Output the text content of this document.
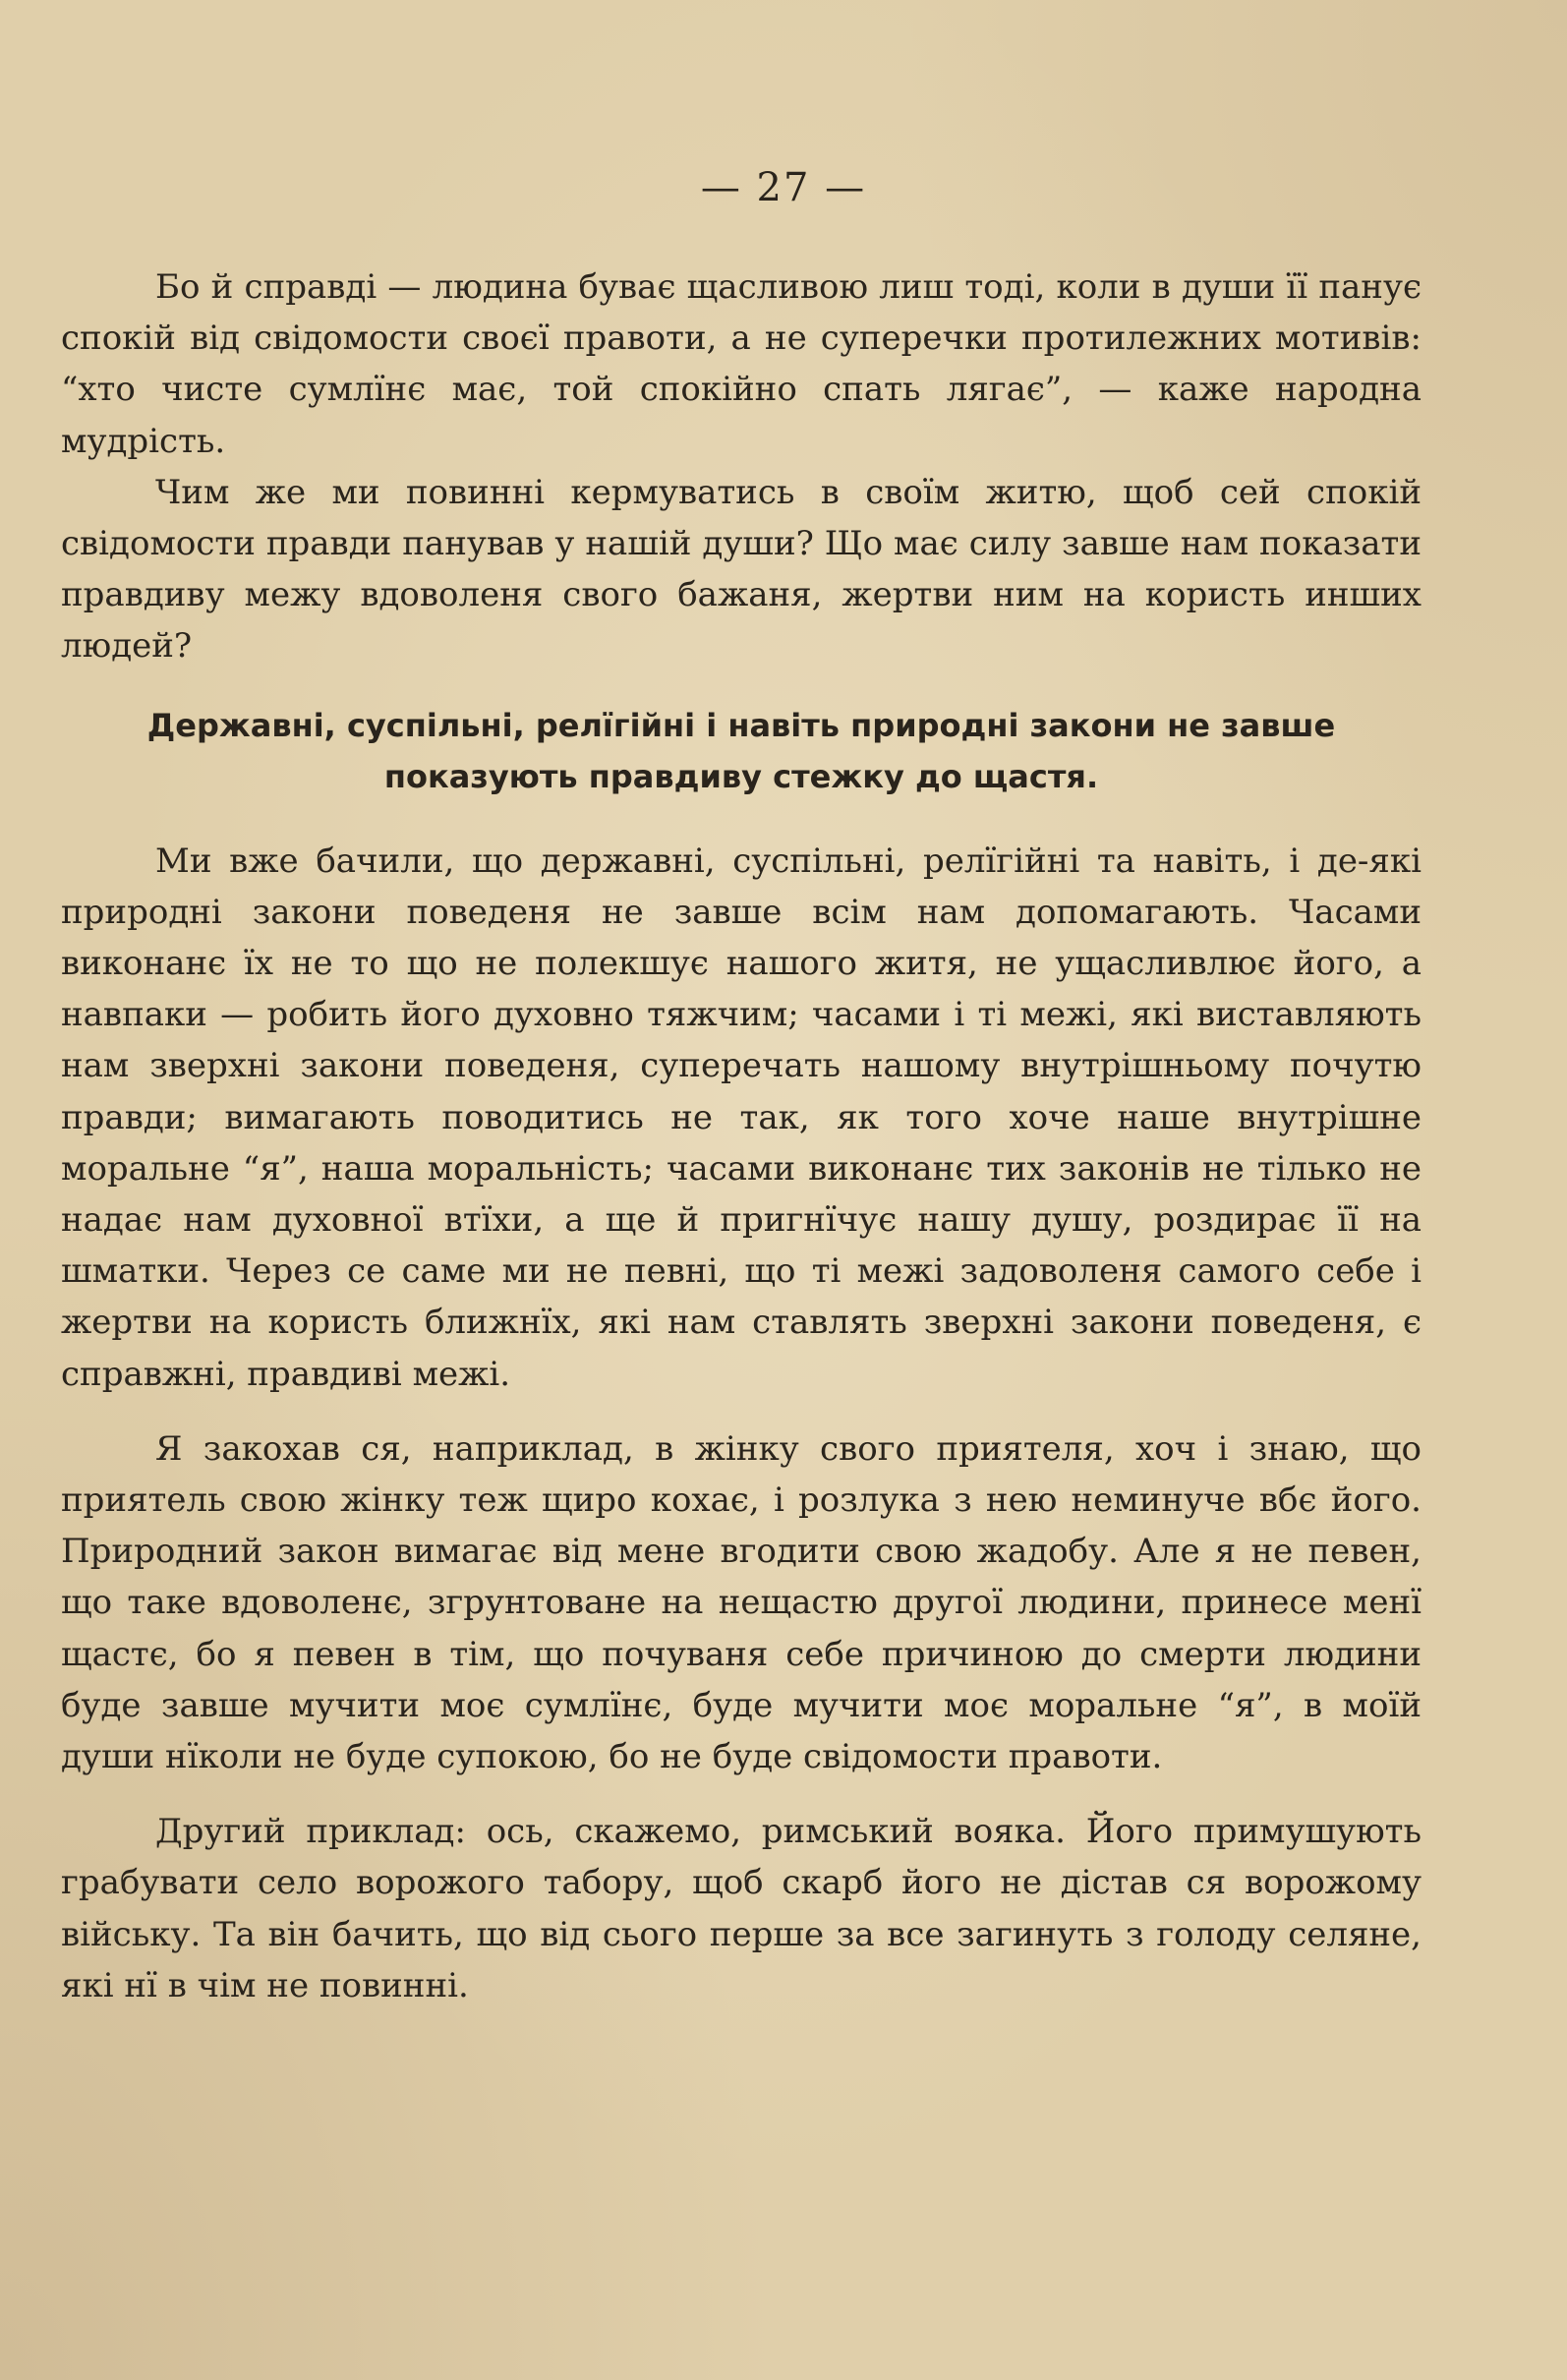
— 27 —

Бо й справді — людина буває щасливою лиш тоді, коли в души її панує спокій від свідомости своєї правоти, а не суперечки протилежних мотивів: “хто чисте сумлїнє має, той спокійно спать лягає”, — каже народна мудрість.

Чим же ми повинні кермуватись в своїм житю, щоб сей спокій свідомости правди панував у нашій души? Що має силу завше нам показати правдиву межу вдоволеня свого бажаня, жертви ним на користь инших людей?

Державні, суспільні, релїгійні і навіть природні закони не завше показують правдиву стежку до щастя.

Ми вже бачили, що державні, суспільні, релїгійні та навіть, і де-які природні закони поведеня не завше всім нам допомагають. Часами виконанє їх не то що не полекшує нашого житя, не ущасливлює його, а навпаки — робить його духовно тяжчим; часами і ті межі, які виставляють нам зверхні закони поведеня, суперечать нашому внутрішньому почутю правди; вимагають поводитись не так, як того хоче наше внутрішне моральне “я”, наша моральність; часами виконанє тих законів не тілько не надає нам духовної втїхи, а ще й пригнїчує нашу душу, роздирає її на шматки. Через се саме ми не певні, що ті межі задоволеня самого себе і жертви на користь ближнїх, які нам ставлять зверхні закони поведеня, є справжні, правдиві межі.

Я закохав ся, наприклад, в жінку свого приятеля, хоч і знаю, що приятель свою жінку теж щиро кохає, і розлука з нею неминуче вбє його. Природний закон вимагає від мене вгодити свою жадобу. Але я не певен, що таке вдоволенє, згрунтоване на нещастю другої людини, принесе менї щастє, бо я певен в тім, що почуваня себе причиною до смерти людини буде завше мучити моє сумлїнє, буде мучити моє моральне “я”, в моїй души нїколи не буде супокою, бо не буде свідомости правоти.

Другий приклад: ось, скажемо, римський вояка. Його примушують грабувати село ворожого табору, щоб скарб його не дістав ся ворожому війську. Та він бачить, що від сього перше за все загинуть з голоду селяне, які нї в чім не повинні.
